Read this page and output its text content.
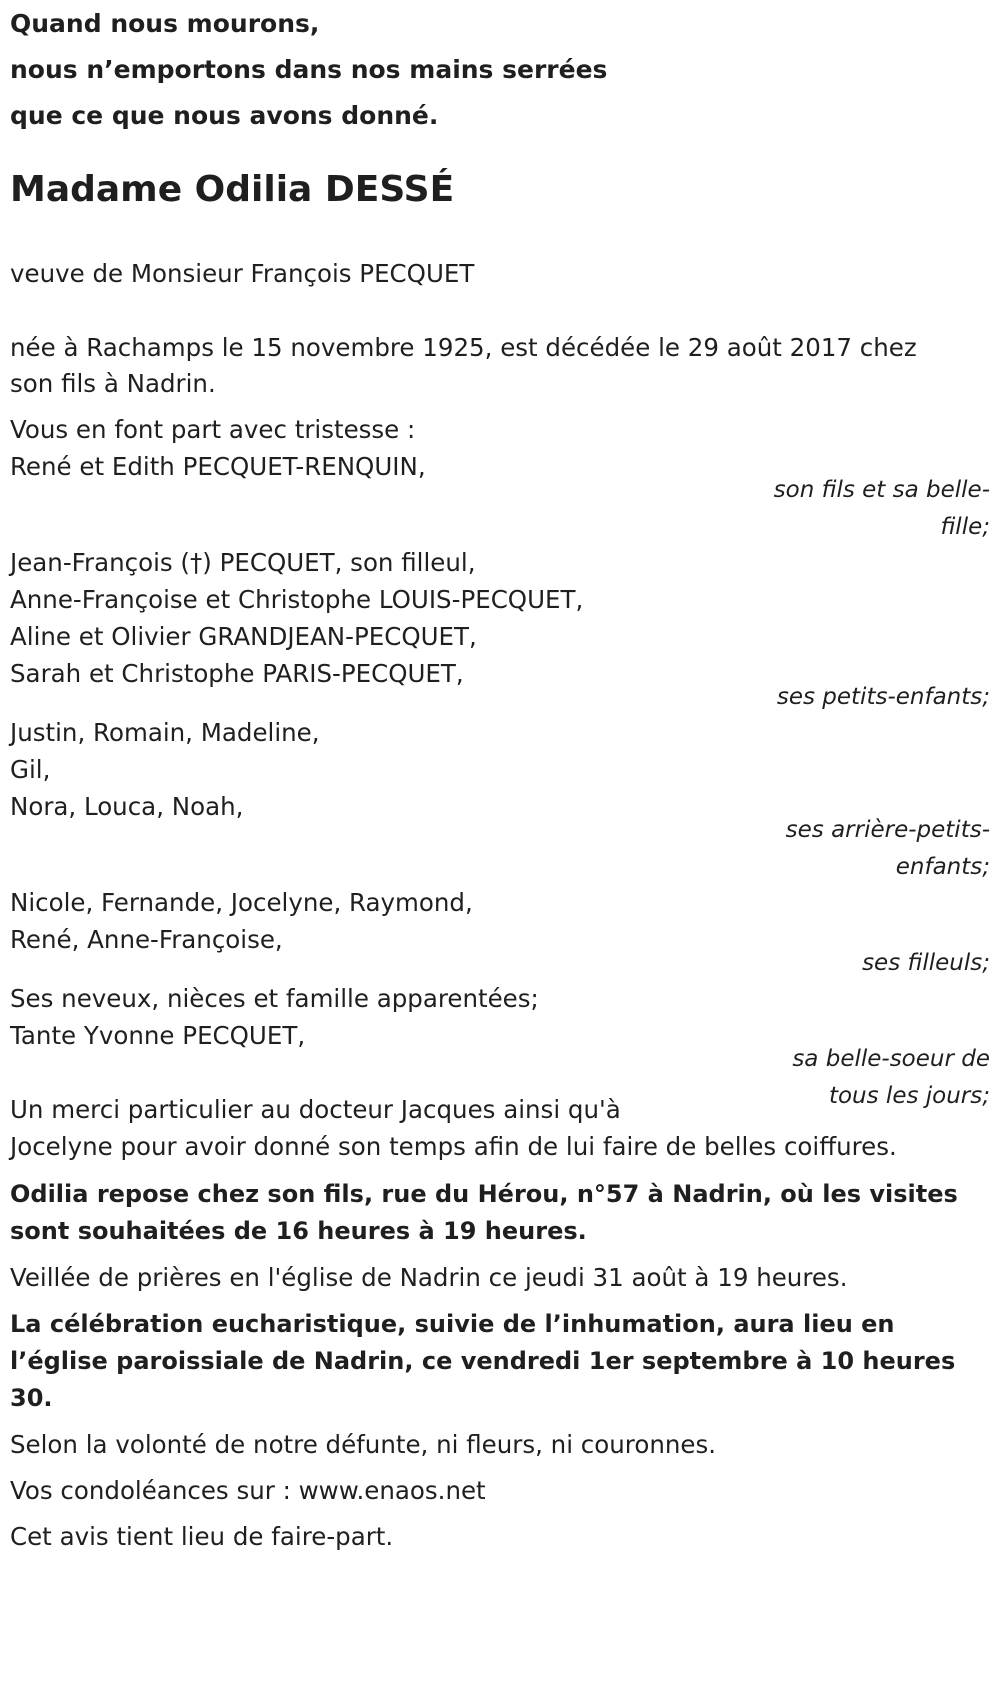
Quand nous mourons,
nous n’emportons dans nos mains serrées
que ce que nous avons donné.
Madame Odilia DESSÉ
veuve de Monsieur François PECQUET
née à Rachamps le 15 novembre 1925, est décédée le 29 août 2017 chez
son fils à Nadrin.
Vous en font part avec tristesse :
René et Edith PECQUET-RENQUIN,
son fils et sa belle-
fille;
Jean-François (†) PECQUET, son filleul,
Anne-Françoise et Christophe LOUIS-PECQUET,
Aline et Olivier GRANDJEAN-PECQUET,
Sarah et Christophe PARIS-PECQUET,
ses petits-enfants;
Justin, Romain, Madeline,
Gil,
Nora, Louca, Noah,
ses arrière-petits-
enfants;
Nicole, Fernande, Jocelyne, Raymond,
René, Anne-Françoise,
ses filleuls;
Ses neveux, nièces et famille apparentées;
Tante Yvonne PECQUET,
sa belle-soeur de
tous les jours;
Un merci particulier au docteur Jacques ainsi qu'à
Jocelyne pour avoir donné son temps afin de lui faire de belles coiffures.
Odilia repose chez son fils, rue du Hérou, n°57 à Nadrin, où les visites
sont souhaitées de 16 heures à 19 heures.
Veillée de prières en l'église de Nadrin ce jeudi 31 août à 19 heures.
La célébration eucharistique, suivie de l’inhumation, aura lieu en
l’église paroissiale de Nadrin, ce vendredi 1er septembre à 10 heures
30.
Selon la volonté de notre défunte, ni fleurs, ni couronnes.
Vos condoléances sur : www.enaos.net
Cet avis tient lieu de faire-part.
